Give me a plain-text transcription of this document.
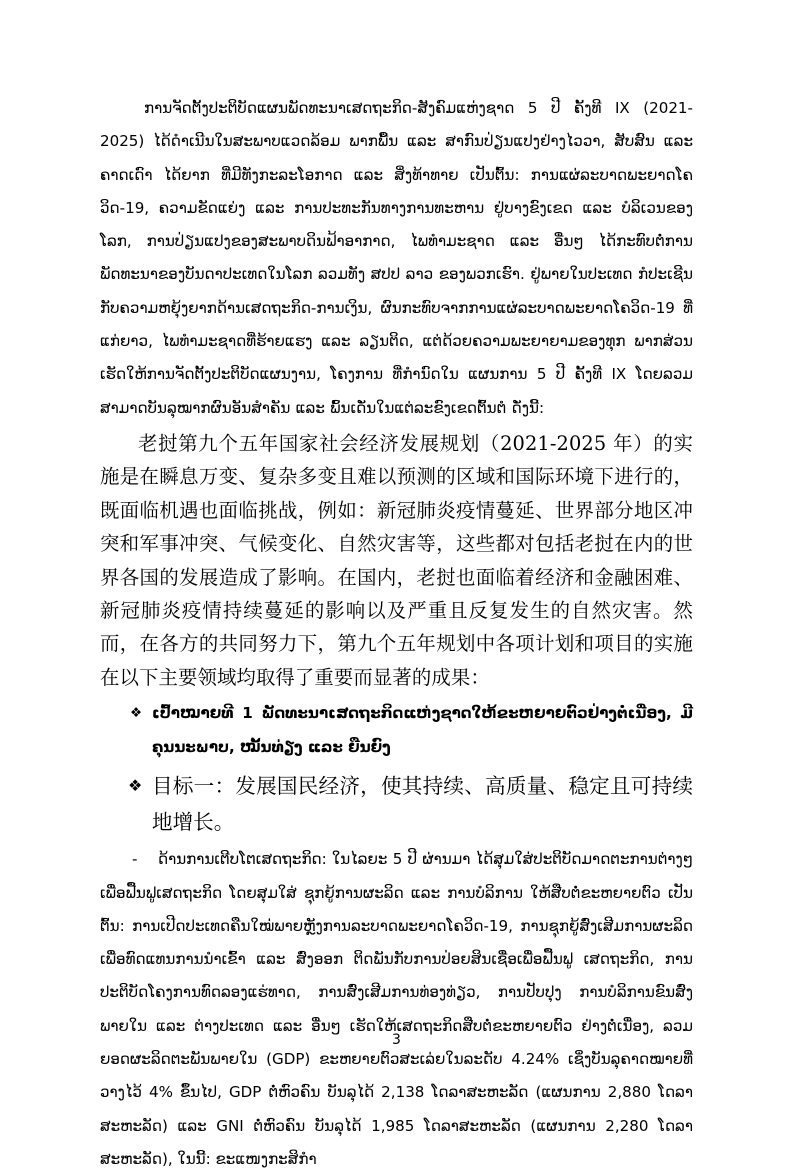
ການຈັດຕັ້ງປະຕິບັດແຜນພັດທະນາເສດຖະກິດ-ສັງຄົມແຫ່ງຊາດ 5 ປີ ຄັ້ງທີ IX (2021-2025) ໄດ້ດຳເນີນໃນສະພາບແວດລ້ອມ ພາກພື້ນ ແລະ ສາກົນປ່ຽນແປງຢ່າງໄວວາ, ສັບສົນ ແລະ ຄາດເດົາ ໄດ້ຍາກ ທີ່ມີທັງກະລະໂອກາດ ແລະ ສິ່ງທ້າທາຍ ເປັນຕົ້ນ: ການແຜ່ລະບາດພະຍາດໂຄວິດ-19, ຄວາມຂັດແຍ່ງ ແລະ ການປະທະກັນທາງການທະຫານ ຢູ່ບາງຂົງເຂດ ແລະ ບໍລິເວນຂອງໂລກ, ການປ່ຽນແປງຂອງສະພາບດິນຟ້າອາກາດ, ໄພທຳມະຊາດ ແລະ ອື່ນໆ ໄດ້ກະທົບຕໍ່ການພັດທະນາຂອງບັນດາປະເທດໃນໂລກ ລວມທັງ ສປປ ລາວ ຂອງພວກເຮົາ. ຢູ່ພາຍໃນປະເທດ ກໍປະເຊີນກັບຄວາມຫຍຸ້ງຍາກດ້ານເສດຖະກິດ-ການເງິນ, ຜົນກະທົບຈາກການແຜ່ລະບາດພະຍາດໂຄວິດ-19 ທີ່ແກ່ຍາວ, ໄພທຳມະຊາດທີ່ຮ້າຍແຮງ ແລະ ລຽນຕິດ, ແຕ່ດ້ວຍຄວາມພະຍາຍາມຂອງທຸກ ພາກສ່ວນ ເຮັດໃຫ້ການຈັດຕັ້ງປະຕິບັດແຜນງານ, ໂຄງການ ທີ່ກຳນົດໃນ ແຜນການ 5 ປີ ຄັ້ງທີ IX ໂດຍລວມສາມາດບັນລຸໝາກຜົນອັນສຳຄັນ ແລະ ພົ້ນເດັ່ນໃນແຕ່ລະຂົງເຂດຕົ້ນຕໍ ດັ່ງນີ້:

老挝第九个五年国家社会经济发展规划（2021-2025 年）的实施是在瞬息万变、复杂多变且难以预测的区域和国际环境下进行的，既面临机遇也面临挑战，例如：新冠肺炎疫情蔓延、世界部分地区冲突和军事冲突、气候变化、自然灾害等，这些都对包括老挝在内的世界各国的发展造成了影响。在国内，老挝也面临着经济和金融困难、新冠肺炎疫情持续蔓延的影响以及严重且反复发生的自然灾害。然而，在各方的共同努力下，第九个五年规划中各项计划和项目的实施在以下主要领域均取得了重要而显著的成果：

❖ ເປົ້າໝາຍທີ 1 ພັດທະນາເສດຖະກິດແຫ່ງຊາດໃຫ້ຂະຫຍາຍຕົວຢ່າງຕໍ່ເນື່ອງ, ມີຄຸນນະພາບ, ໝັ້ນທ່ຽງ ແລະ ຍືນຍົງ
❖ 目标一：发展国民经济，使其持续、高质量、稳定且可持续地增长。
-	ດ້ານການເຕີບໂຕເສດຖະກິດ: ໃນໄລຍະ 5 ປີ ຜ່ານມາ ໄດ້ສຸມໃສ່ປະຕິບັດມາດຕະການຕ່າງໆ ເພື່ອຟື້ນຟູເສດຖະກິດ ໂດຍສຸມໃສ່ ຊຸກຍູ້ການຜະລິດ ແລະ ການບໍລິການ ໃຫ້ສືບຕໍ່ຂະຫຍາຍຕົວ ເປັນຕົ້ນ: ການເປີດປະເທດຄືນໃໝ່ພາຍຫຼັງການລະບາດພະຍາດໂຄວິດ-19, ການຊຸກຍູ້ສົ່ງເສີມການຜະລິດ ເພື່ອທົດແທນການນຳເຂົ້າ ແລະ ສົ່ງອອກ ຕິດພັນກັບການປ່ອຍສິນເຊື່ອເພື່ອຟື້ນຟູ ເສດຖະກິດ, ການປະຕິບັດໂຄງການທົດລອງແຮ່ທາດ, ການສົ່ງເສີມການທ່ອງທ່ຽວ, ການປັບປຸງ ການບໍລິການຂົນສົ່ງ ພາຍໃນ ແລະ ຕ່າງປະເທດ ແລະ ອື່ນໆ ເຮັດໃຫ້ເສດຖະກິດສືບຕໍ່ຂະຫຍາຍຕົວ ຢ່າງຕໍ່ເນື່ອງ, ລວມຍອດຜະລິດຕະພັນພາຍໃນ (GDP) ຂະຫຍາຍຕົວສະເລ່ຍໃນລະດັບ 4.24% ເຊິ່ງບັນລຸຄາດໝາຍທີ່ວາງໄວ້ 4% ຂຶ້ນໄປ, GDP ຕໍ່ຫົວຄົນ ບັນລຸໄດ້ 2,138 ໂດລາສະຫະລັດ (ແຜນການ 2,880 ໂດລາສະຫະລັດ) ແລະ GNI ຕໍ່ຫົວຄົນ ບັນລຸໄດ້ 1,985 ໂດລາສະຫະລັດ (ແຜນການ 2,280 ໂດລາສະຫະລັດ), ໃນນີ້: ຂະແໜງກະສິກຳ

3
